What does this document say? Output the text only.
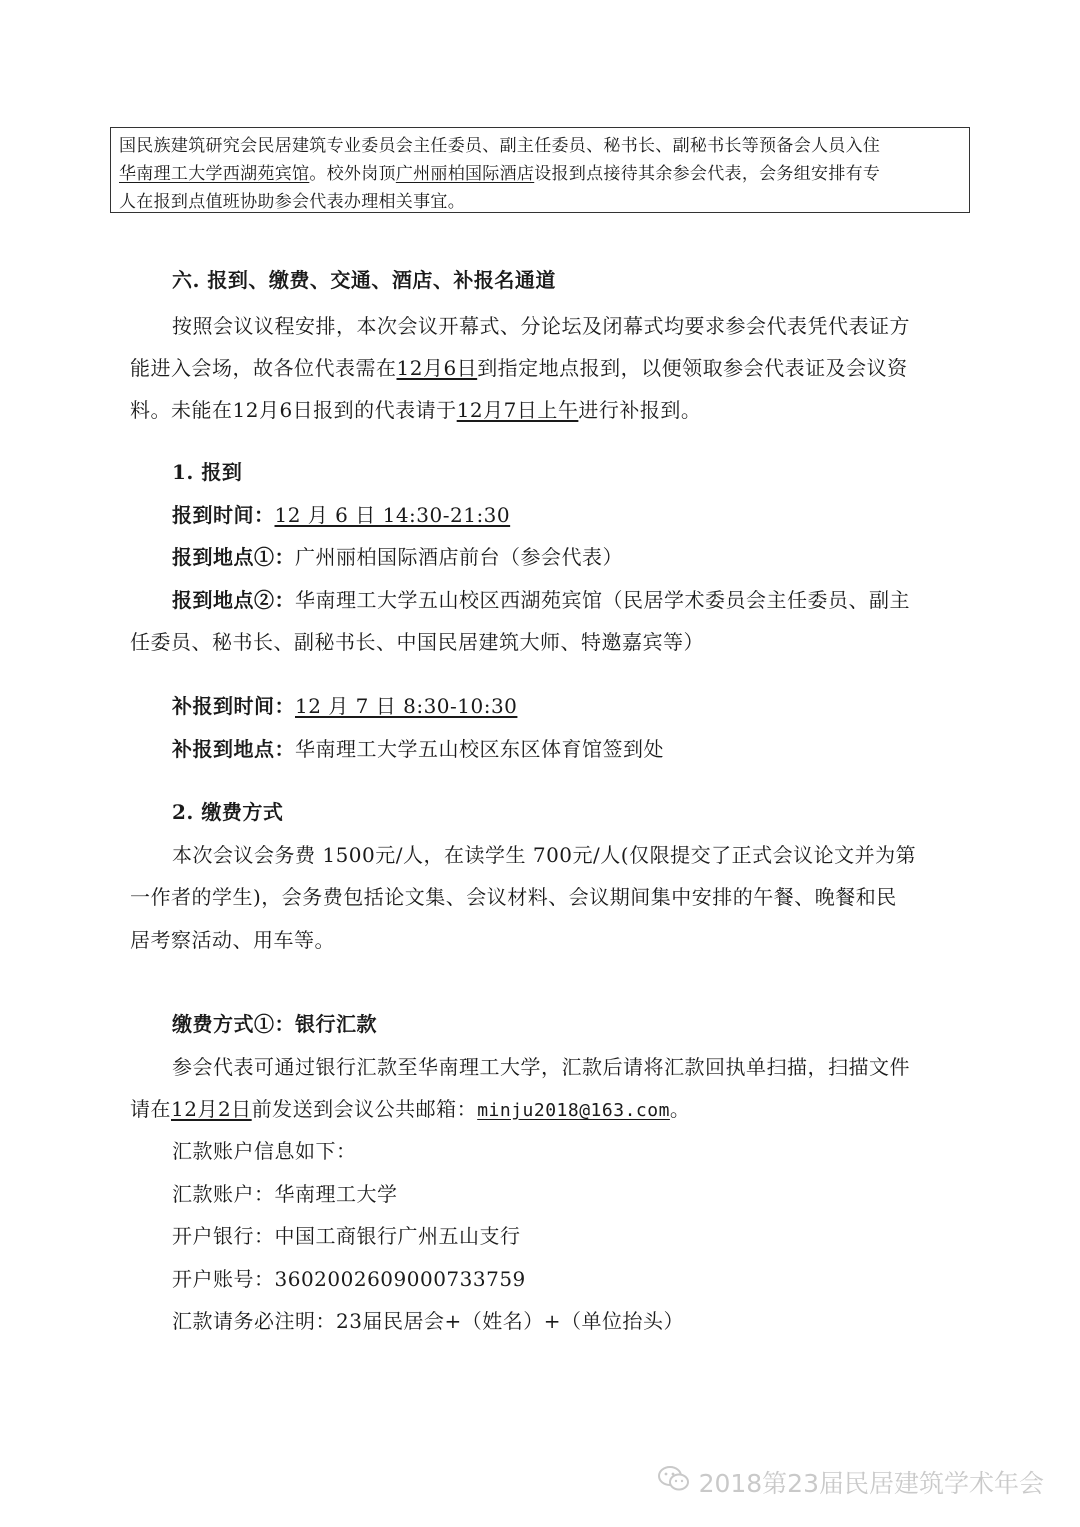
国民族建筑研究会民居建筑专业委员会主任委员、副主任委员、秘书长、副秘书长等预备会人员入住
华南理工大学西湖苑宾馆。校外岗顶广州丽柏国际酒店设报到点接待其余参会代表，会务组安排有专
人在报到点值班协助参会代表办理相关事宜。
六. 报到、缴费、交通、酒店、补报名通道
按照会议议程安排，本次会议开幕式、分论坛及闭幕式均要求参会代表凭代表证方
能进入会场，故各位代表需在12月6日到指定地点报到，以便领取参会代表证及会议资
料。未能在12月6日报到的代表请于12月7日上午进行补报到。
1. 报到
报到时间：12 月 6 日 14:30-21:30
报到地点①：广州丽柏国际酒店前台（参会代表）
报到地点②：华南理工大学五山校区西湖苑宾馆（民居学术委员会主任委员、副主
任委员、秘书长、副秘书长、中国民居建筑大师、特邀嘉宾等）
补报到时间：12 月 7 日 8:30-10:30
补报到地点：华南理工大学五山校区东区体育馆签到处
2. 缴费方式
本次会议会务费 1500元/人，在读学生 700元/人(仅限提交了正式会议论文并为第
一作者的学生)，会务费包括论文集、会议材料、会议期间集中安排的午餐、晚餐和民
居考察活动、用车等。
缴费方式①：银行汇款
参会代表可通过银行汇款至华南理工大学，汇款后请将汇款回执单扫描，扫描文件
请在12月2日前发送到会议公共邮箱：minju2018@163.com。
汇款账户信息如下：
汇款账户：华南理工大学
开户银行：中国工商银行广州五山支行
开户账号：3602002609000733759
汇款请务必注明：23届民居会+（姓名）+（单位抬头）
2018第23届民居建筑学术年会
